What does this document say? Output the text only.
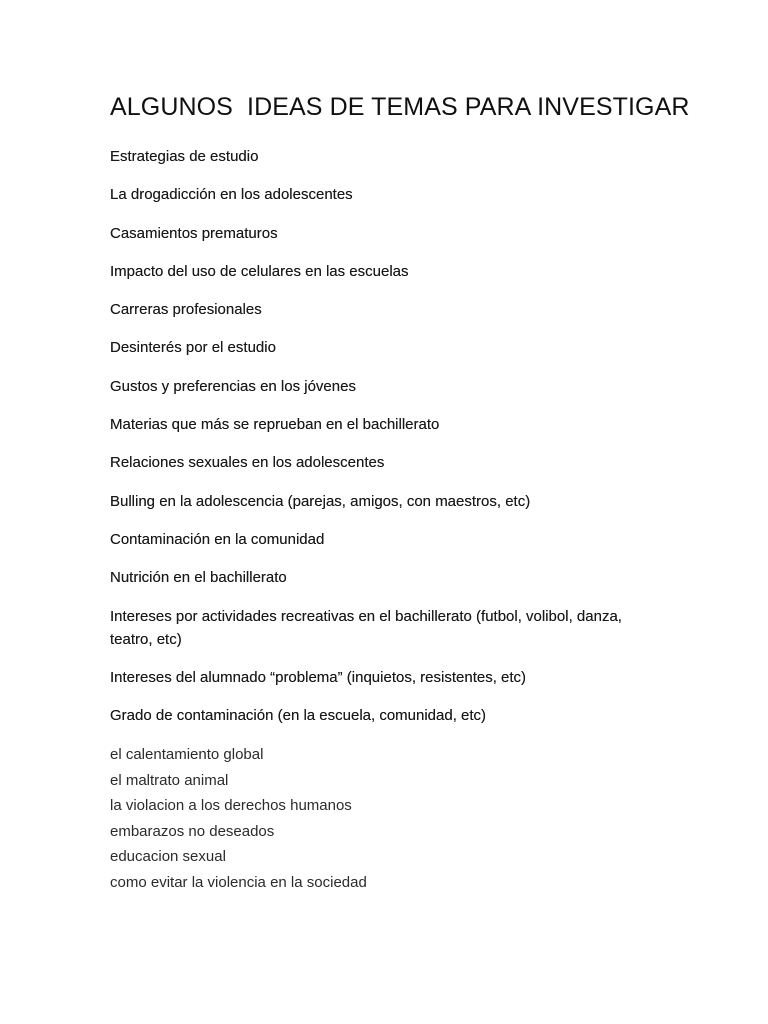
ALGUNOS  IDEAS DE TEMAS PARA INVESTIGAR
Estrategias de estudio
La drogadicción en los adolescentes
Casamientos prematuros
Impacto del uso de celulares en las escuelas
Carreras profesionales
Desinterés por el estudio
Gustos y preferencias en los jóvenes
Materias que más se reprueban en el bachillerato
Relaciones sexuales en los adolescentes
Bulling en la adolescencia (parejas, amigos, con maestros, etc)
Contaminación en la comunidad
Nutrición en el bachillerato
Intereses por actividades recreativas en el bachillerato (futbol, volibol, danza, teatro, etc)
Intereses del alumnado “problema” (inquietos, resistentes, etc)
Grado de contaminación (en la escuela, comunidad, etc)
el calentamiento global
el maltrato animal
la violacion a los derechos humanos
embarazos no deseados
educacion sexual
como evitar la violencia en la sociedad
